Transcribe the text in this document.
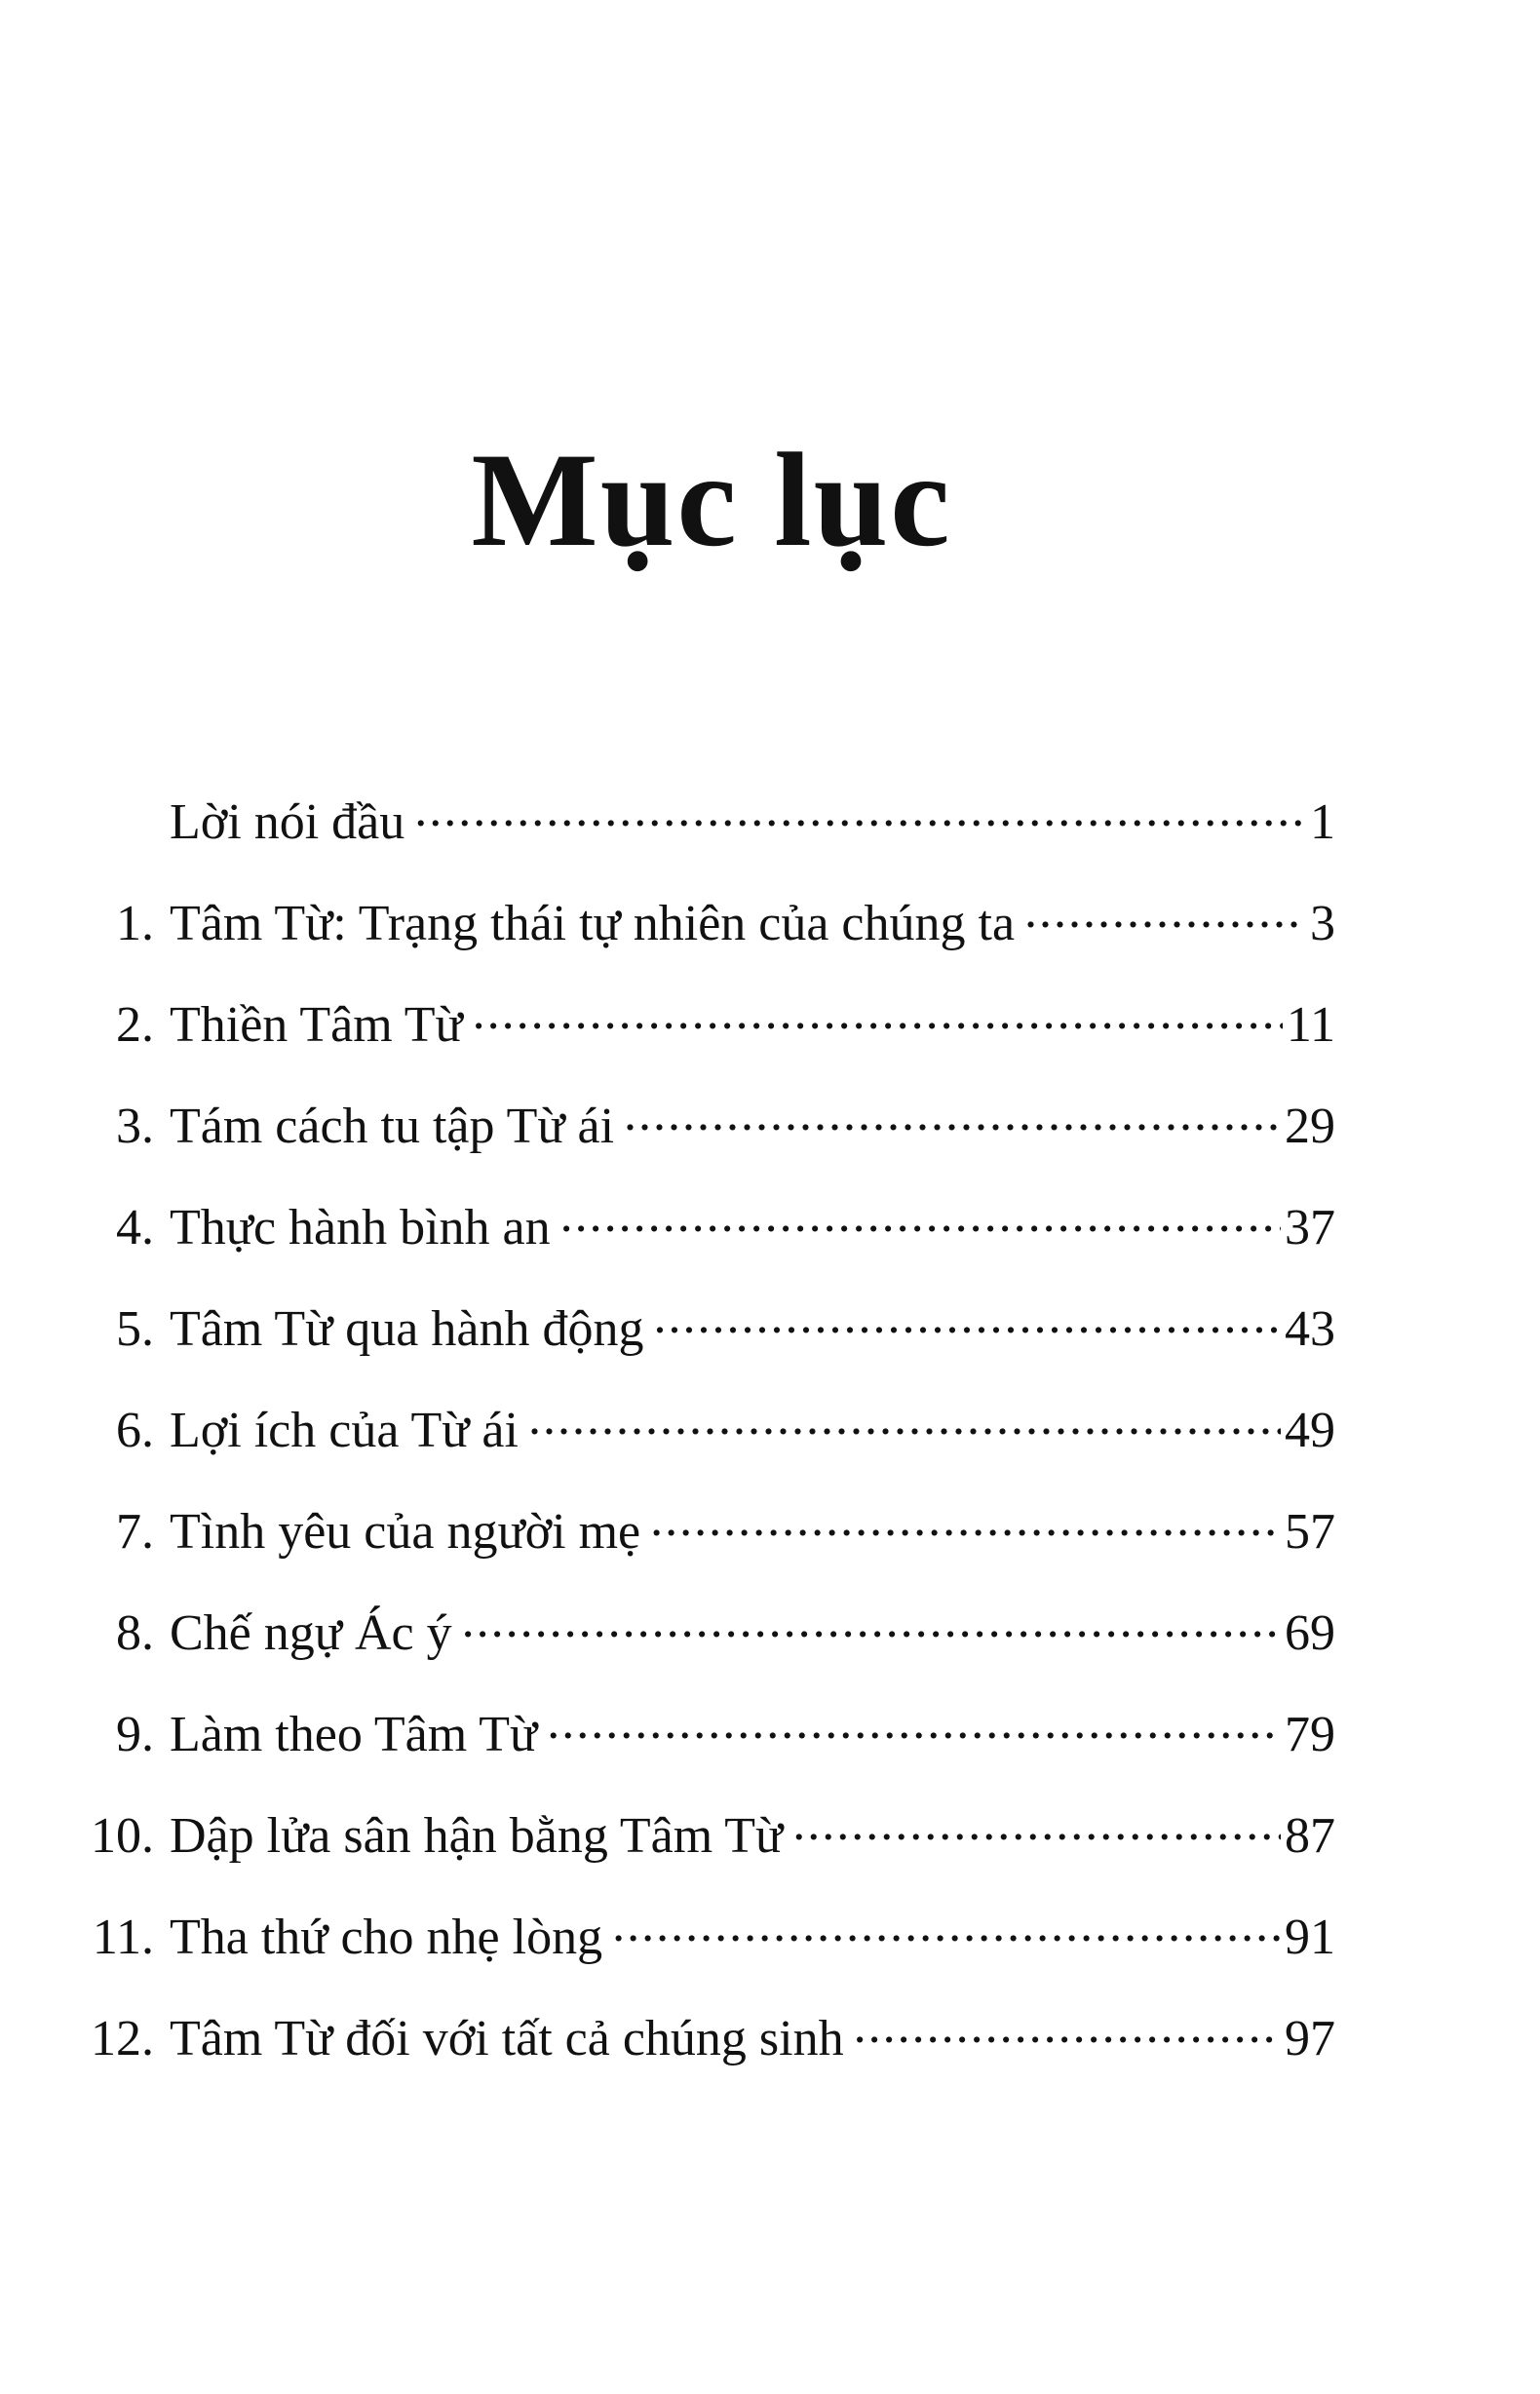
Mục lục
Lời nói đầu .....	1
1. Tâm Từ: Trạng thái tự nhiên của chúng ta .....	3
2. Thiền Tâm Từ .....	11
3. Tám cách tu tập Từ ái .....	29
4. Thực hành bình an .....	37
5. Tâm Từ qua hành động .....	43
6. Lợi ích của Từ ái .....	49
7. Tình yêu của người mẹ .....	57
8. Chế ngự Ác ý .....	69
9. Làm theo Tâm Từ .....	79
10. Dập lửa sân hận bằng Tâm Từ .....	87
11. Tha thứ cho nhẹ lòng .....	91
12. Tâm Từ đối với tất cả chúng sinh .....	97
